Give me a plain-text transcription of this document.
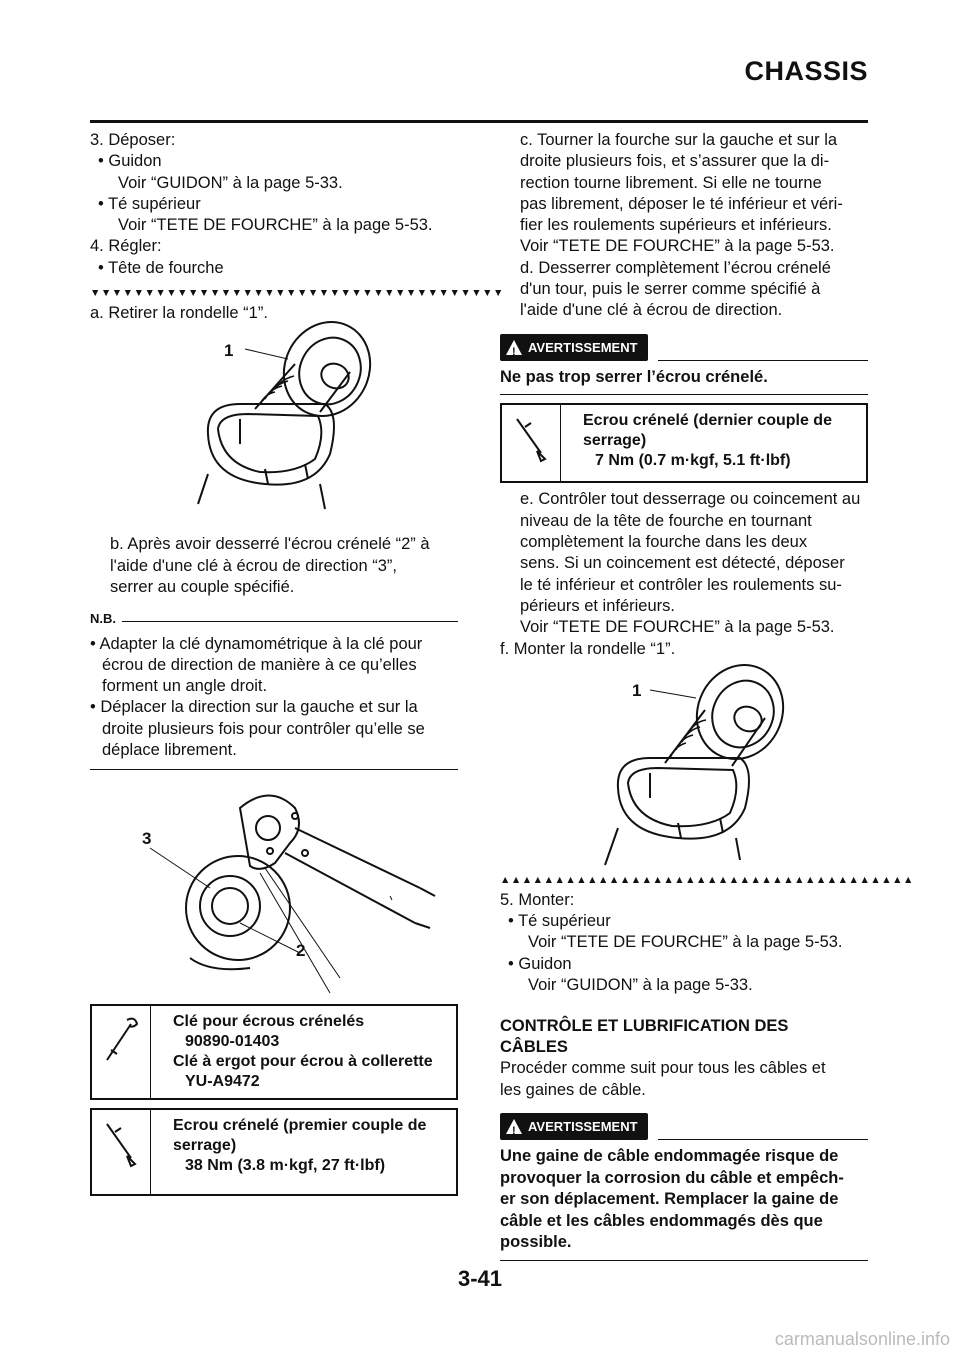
CHASSIS
3. Déposer:
• Guidon
Voir “GUIDON” à la page 5-33.
• Té supérieur
Voir “TETE DE FOURCHE” à la page 5-53.
4. Régler:
• Tête de fourche
▼▼▼▼▼▼▼▼▼▼▼▼▼▼▼▼▼▼▼▼▼▼▼▼▼▼▼▼▼▼▼▼▼▼▼▼▼▼
a. Retirer la rondelle “1”.
1
b. Après avoir desserré l'écrou crénelé “2” à
l'aide d'une clé à écrou de direction “3”,
serrer au couple spécifié.
N.B.
• Adapter la clé dynamométrique à la clé pour
écrou de direction de manière à ce qu’elles
forment un angle droit.
• Déplacer la direction sur la gauche et sur la
droite plusieurs fois pour contrôler qu’elle se
déplace librement.
3
2
Clé pour écrous crénelés
90890-01403
Clé à ergot pour écrou à collerette
YU-A9472
Ecrou crénelé (premier couple de
serrage)
38 Nm (3.8 m·kgf, 27 ft·lbf)
c. Tourner la fourche sur la gauche et sur la
droite plusieurs fois, et s’assurer que la di-
rection tourne librement. Si elle ne tourne
pas librement, déposer le té inférieur et véri-
fier les roulements supérieurs et inférieurs.
Voir “TETE DE FOURCHE” à la page 5-53.
d. Desserrer complètement l’écrou crénelé
d'un tour, puis le serrer comme spécifié à
l'aide d'une clé à écrou de direction.
!
AVERTISSEMENT
Ne pas trop serrer l’écrou crénelé.
Ecrou crénelé (dernier couple de
serrage)
7 Nm (0.7 m·kgf, 5.1 ft·lbf)
e. Contrôler tout desserrage ou coincement au
niveau de la tête de fourche en tournant
complètement la fourche dans les deux
sens. Si un coincement est détecté, déposer
le té inférieur et contrôler les roulements su-
périeurs et inférieurs.
Voir “TETE DE FOURCHE” à la page 5-53.
f. Monter la rondelle “1”.
1
▲▲▲▲▲▲▲▲▲▲▲▲▲▲▲▲▲▲▲▲▲▲▲▲▲▲▲▲▲▲▲▲▲▲▲▲▲▲
5. Monter:
• Té supérieur
Voir “TETE DE FOURCHE” à la page 5-53.
• Guidon
Voir “GUIDON” à la page 5-33.
CONTRÔLE ET LUBRIFICATION DES
CÂBLES
Procéder comme suit pour tous les câbles et
les gaines de câble.
!
AVERTISSEMENT
Une gaine de câble endommagée risque de
provoquer la corrosion du câble et empêch-
er son déplacement. Remplacer la gaine de
câble et les câbles endommagés dès que
possible.
3-41
carmanualsonline.info
